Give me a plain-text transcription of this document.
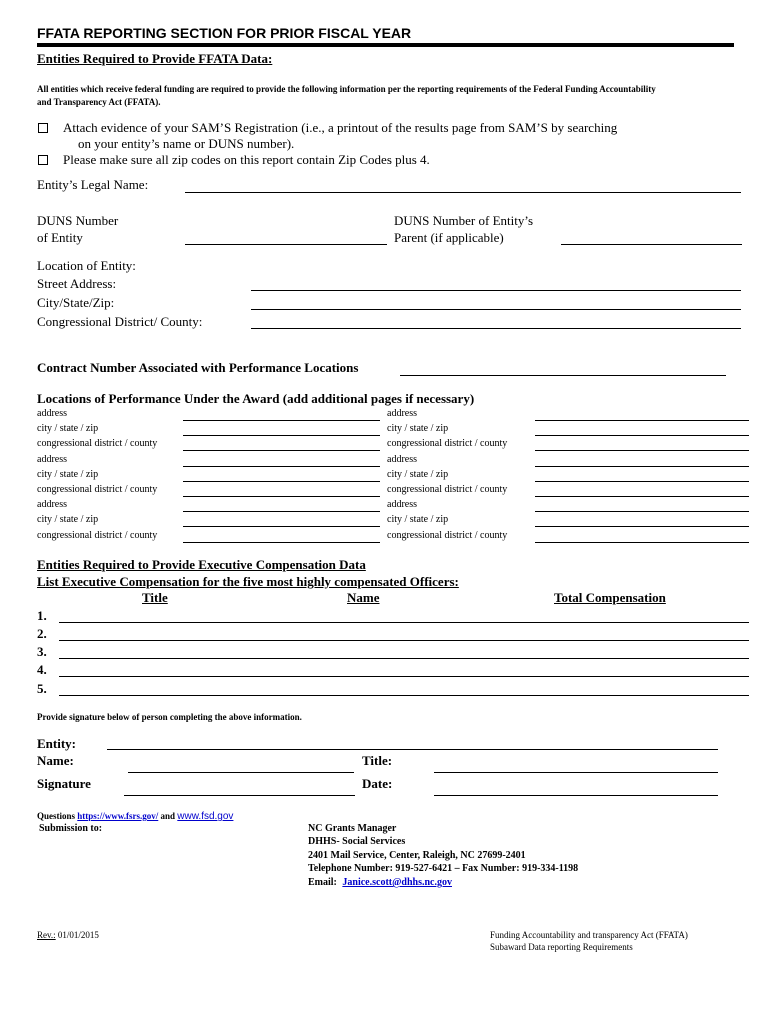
FFATA REPORTING SECTION FOR PRIOR FISCAL YEAR
Entities Required to Provide FFATA Data:
All entities which receive federal funding are required to provide the following information per the reporting requirements of the Federal Funding Accountability
and Transparency Act (FFATA).
Attach evidence of your SAM’S Registration (i.e., a printout of the results page from SAM’S by searching
on your entity’s name or DUNS number).
Please make sure all zip codes on this report contain Zip Codes plus 4.
Entity’s Legal Name:
DUNS Number
of Entity
DUNS Number of Entity’s
Parent (if applicable)
Location of Entity:
Street Address:
City/State/Zip:
Congressional District/ County:
Contract Number Associated with Performance Locations
Locations of Performance Under the Award (add additional pages if necessary)
address
city / state / zip
congressional district / county
address
city / state / zip
congressional district / county
address
city / state / zip
congressional district / county
address
city / state / zip
congressional district / county
address
city / state / zip
congressional district / county
address
city / state / zip
congressional district / county
Entities Required to Provide Executive Compensation Data
List Executive Compensation for the five most highly compensated Officers:
Title	Name	Total Compensation
1.
2.
3.
4.
5.
Provide signature below of person completing the above information.
Entity:
Name:	Title:
Signature	Date:
Questions https://www.fsrs.gov/ and www.fsd.gov
Submission to:	NC Grants Manager
DHHS- Social Services
2401 Mail Service, Center, Raleigh, NC 27699-2401
Telephone Number: 919-527-6421 – Fax Number: 919-334-1198
Email: Janice.scott@dhhs.nc.gov
Rev.: 01/01/2015	Funding Accountability and transparency Act (FFATA)
Subaward Data reporting Requirements
